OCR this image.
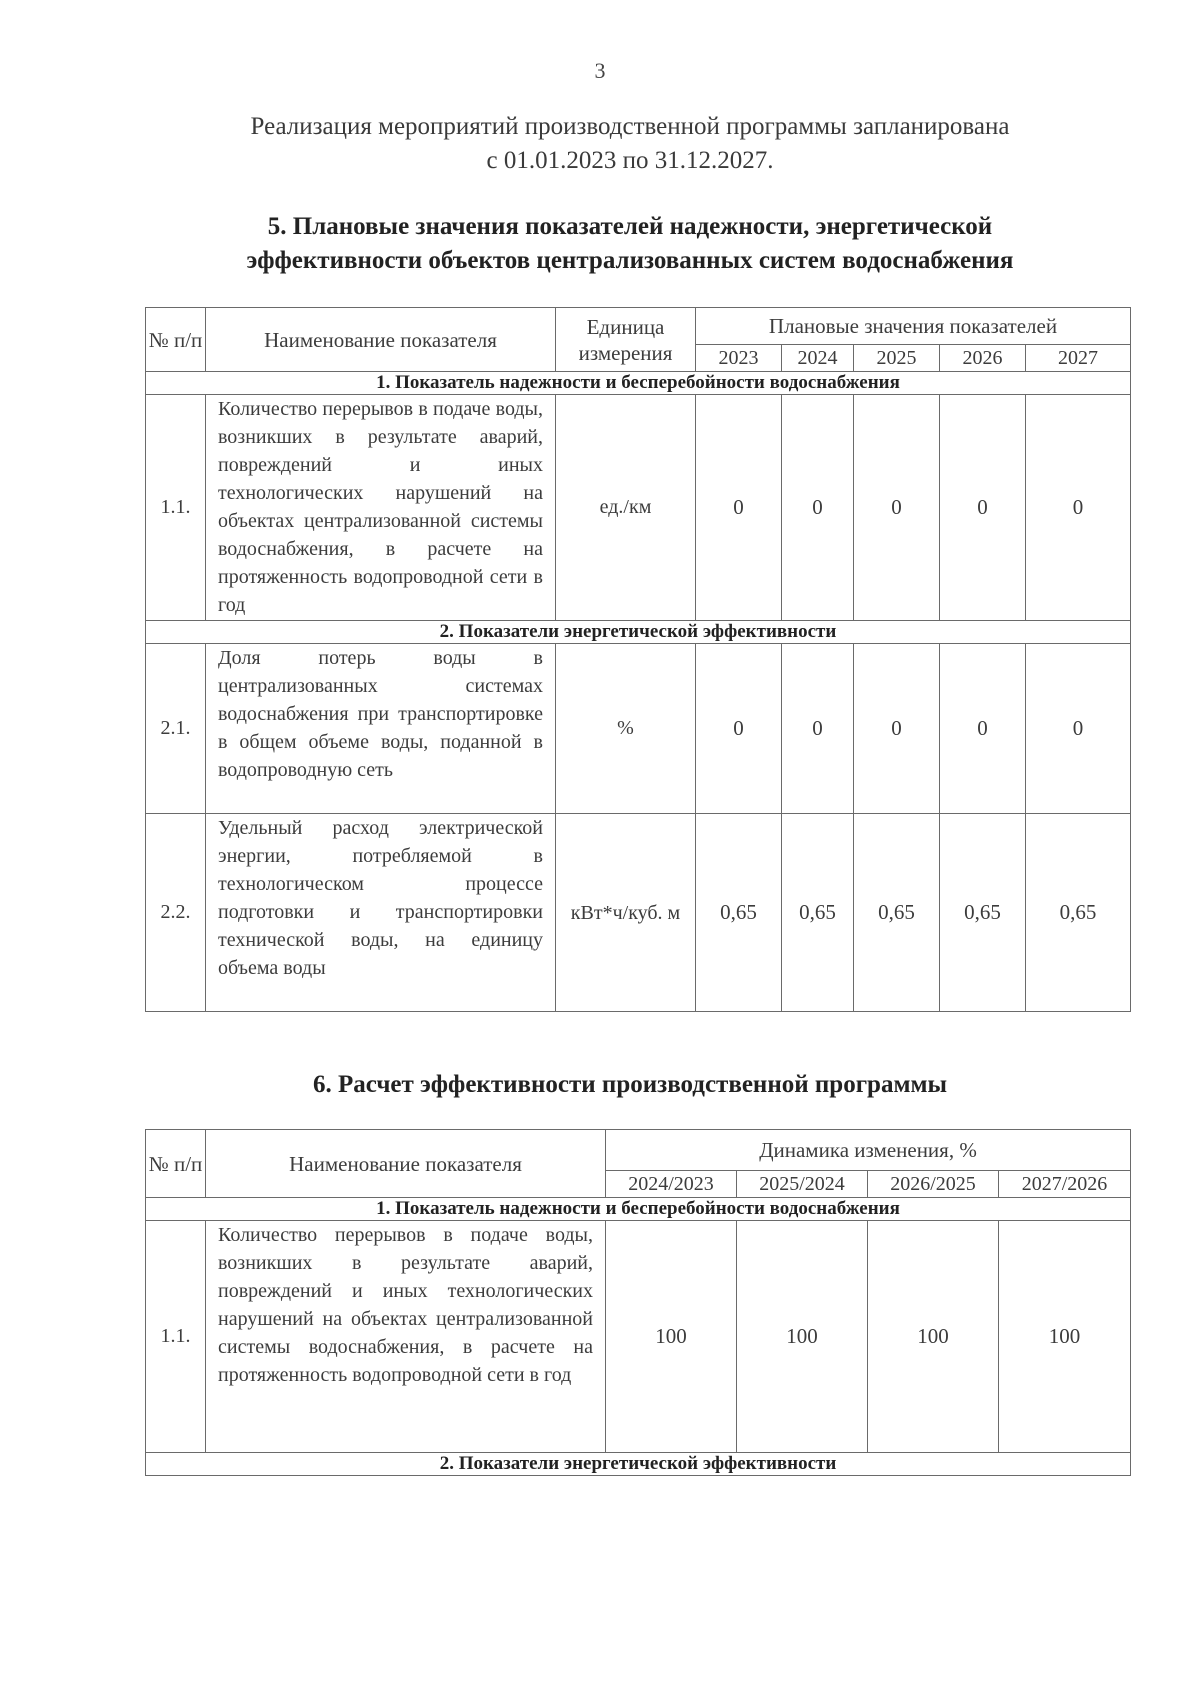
3
Реализация мероприятий производственной программы запланирована
с 01.01.2023 по 31.12.2027.
5. Плановые значения показателей надежности, энергетической
эффективности объектов централизованных систем водоснабжения
№ п/п	Наименование показателя	Единица измерения	Плановые значения показателей				
			2023	2024	2025	2026	2027
1. Показатель надежности и бесперебойности водоснабжения							
1.1.	Количество перерывов в подаче воды, возникших в результате аварий, повреждений и иных технологических нарушений на объектах централизованной системы водоснабжения, в расчете на протяженность водопроводной сети в год	ед./км	0	0	0	0	0
2. Показатели энергетической эффективности							
2.1.	Доля потерь воды в централизованных системах водоснабжения при транспортировке в общем объеме воды, поданной в водопроводную сеть	%	0	0	0	0	0
2.2.	Удельный расход электрической энергии, потребляемой в технологическом процессе подготовки и транспортировки технической воды, на единицу объема воды	кВт*ч/куб. м	0,65	0,65	0,65	0,65	0,65
6. Расчет эффективности производственной программы
№ п/п	Наименование показателя	Динамика изменения, %			
		2024/2023	2025/2024	2026/2025	2027/2026
1. Показатель надежности и бесперебойности водоснабжения					
1.1.	Количество перерывов в подаче воды, возникших в результате аварий, повреждений и иных технологических нарушений на объектах централизованной системы водоснабжения, в расчете на протяженность водопроводной сети в год	100	100	100	100
2. Показатели энергетической эффективности					
